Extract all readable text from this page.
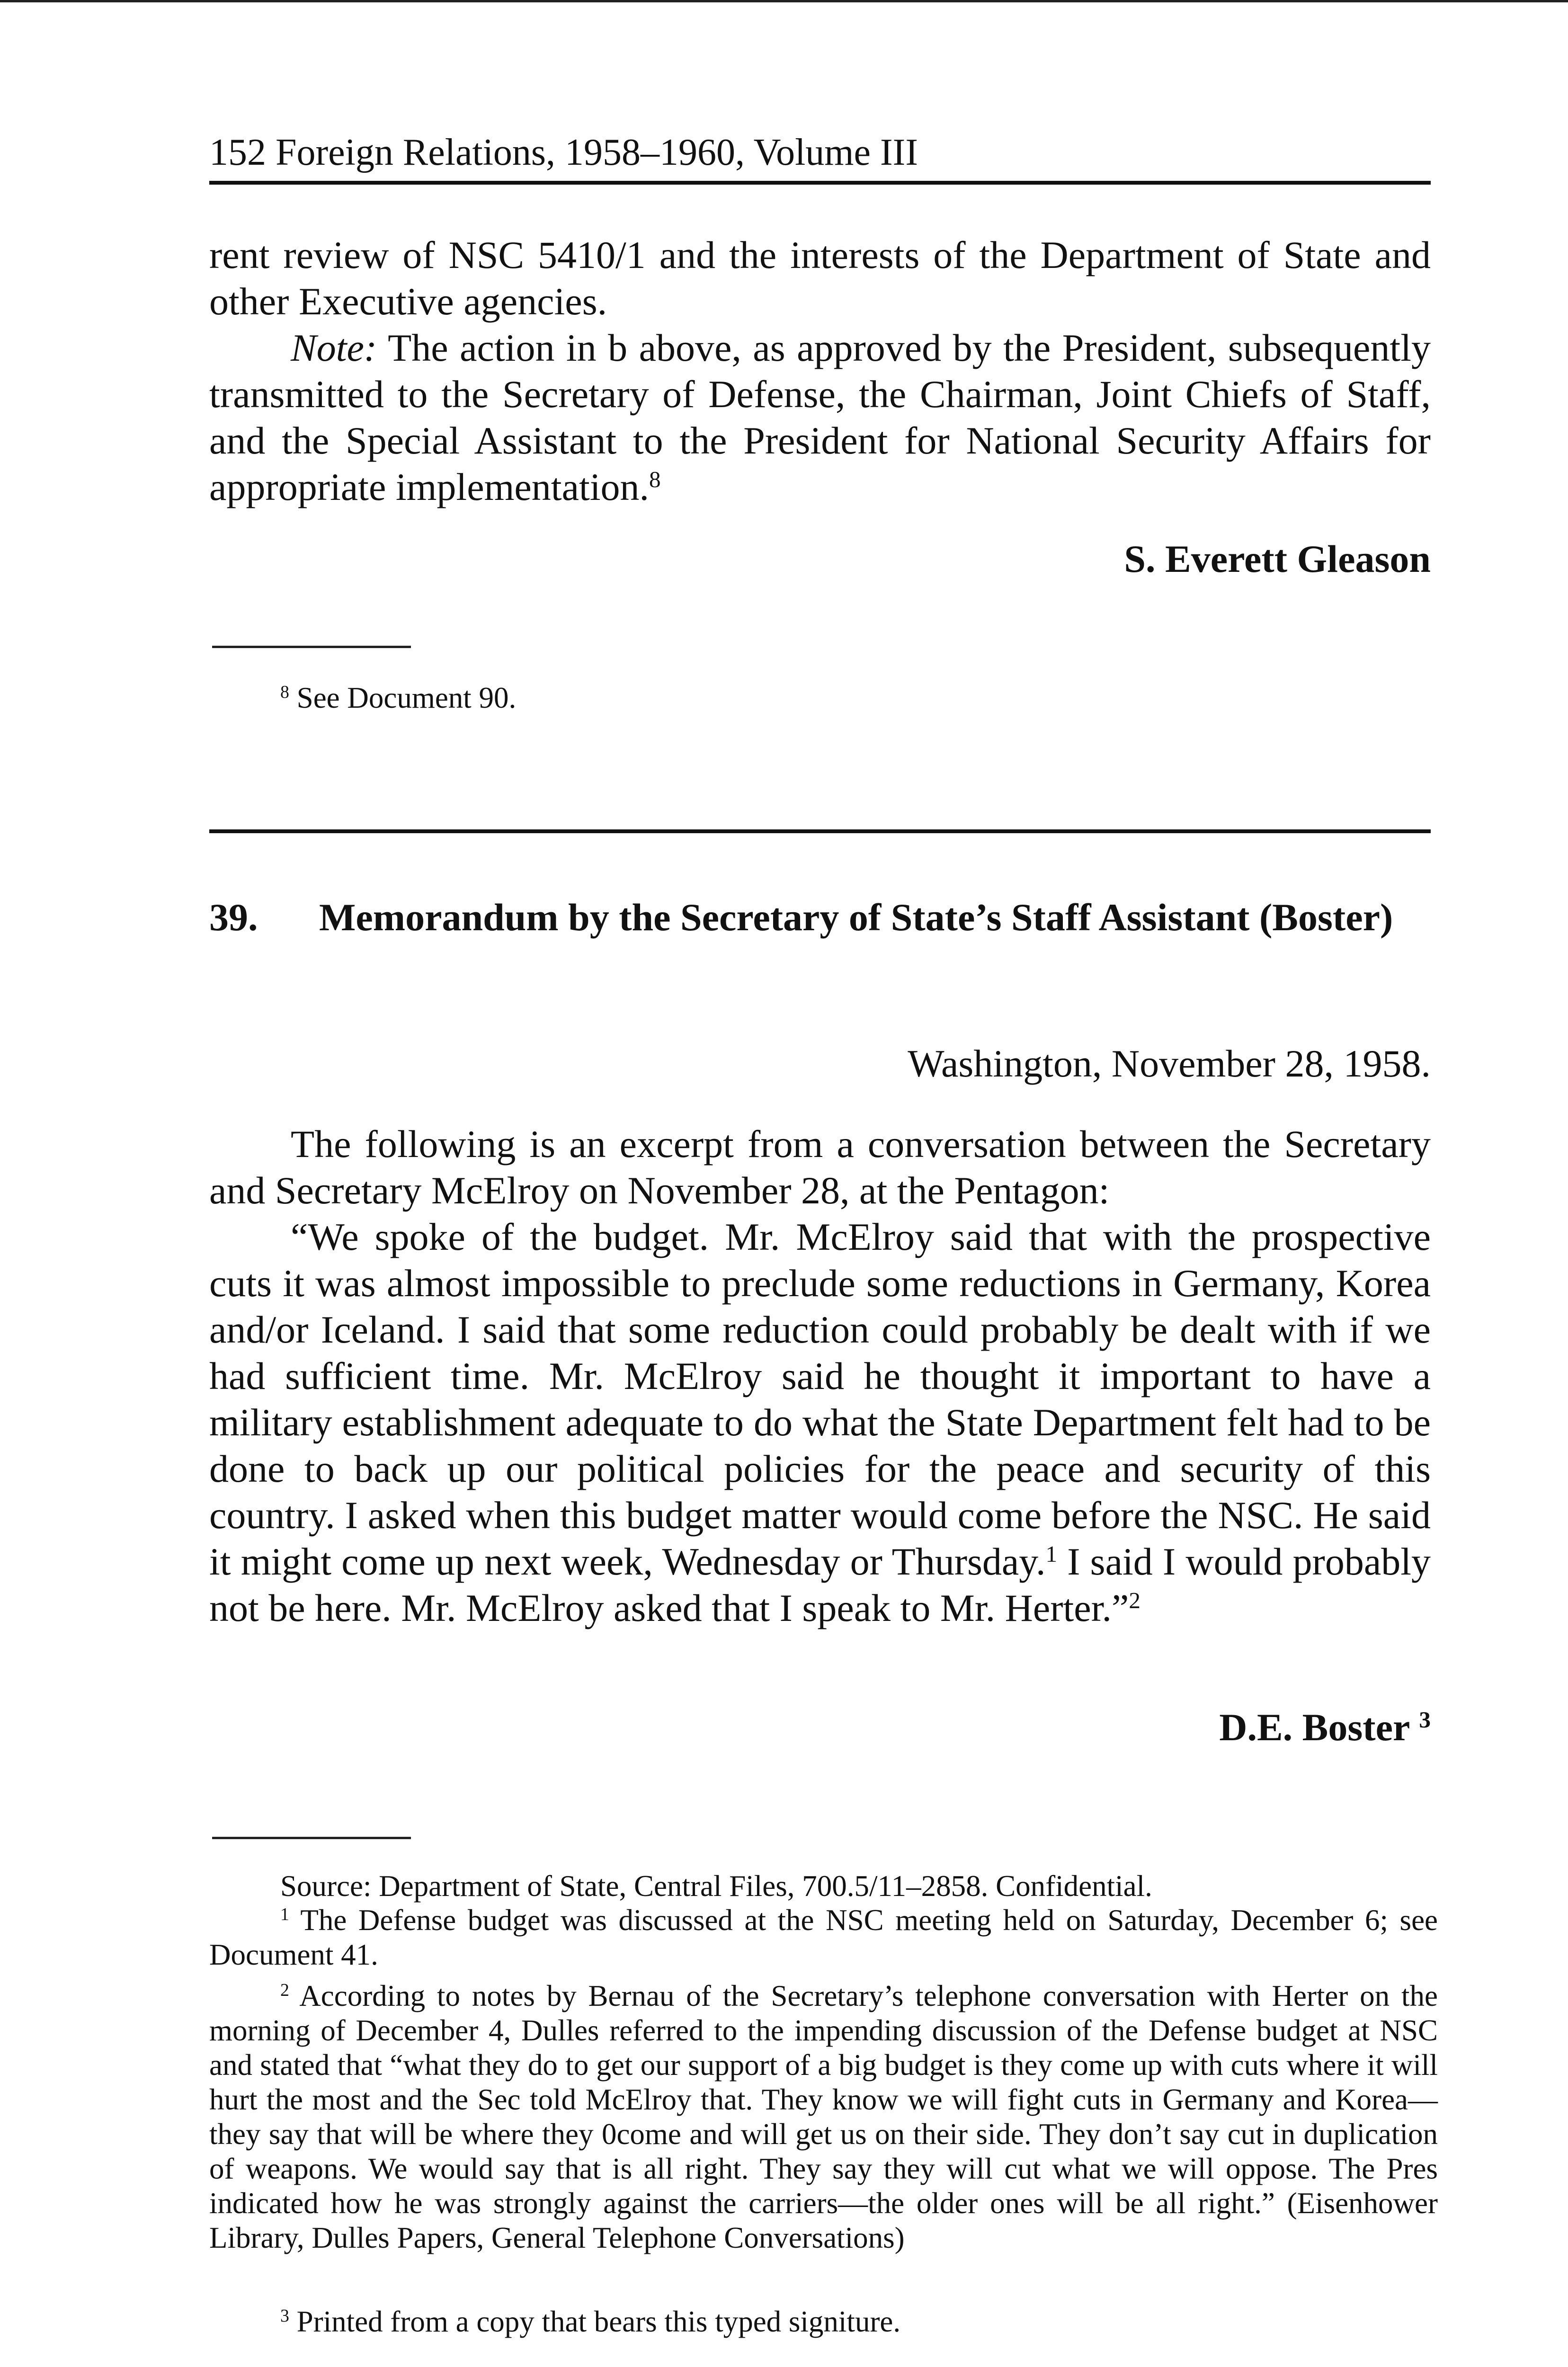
152 Foreign Relations, 1958–1960, Volume III

rent review of NSC 5410/1 and the interests of the Department of State and other Executive agencies.

Note: The action in b above, as approved by the President, subsequently transmitted to the Secretary of Defense, the Chairman, Joint Chiefs of Staff, and the Special Assistant to the President for National Security Affairs for appropriate implementation.$^8$

S. Everett Gleason

$^8$ See Document 90.

39. Memorandum by the Secretary of State’s Staff Assistant (Boster)
Washington, November 28, 1958.

The following is an excerpt from a conversation between the Secretary and Secretary McElroy on November 28, at the Pentagon:

“We spoke of the budget. Mr. McElroy said that with the prospective cuts it was almost impossible to preclude some reductions in Germany, Korea and/or Iceland. I said that some reduction could probably be dealt with if we had sufficient time. Mr. McElroy said he thought it important to have a military establishment adequate to do what the State Department felt had to be done to back up our political policies for the peace and security of this country. I asked when this budget matter would come before the NSC. He said it might come up next week, Wednesday or Thursday.$^1$ I said I would probably not be here. Mr. McElroy asked that I speak to Mr. Herter.”$^2$

D.E. Boster $^3$

Source: Department of State, Central Files, 700.5/11–2858. Confidential.

$^1$ The Defense budget was discussed at the NSC meeting held on Saturday, December 6; see Document 41.

$^2$ According to notes by Bernau of the Secretary’s telephone conversation with Herter on the morning of December 4, Dulles referred to the impending discussion of the Defense budget at NSC and stated that “what they do to get our support of a big budget is they come up with cuts where it will hurt the most and the Sec told McElroy that. They know we will fight cuts in Germany and Korea—they say that will be where they 0come and will get us on their side. They don’t say cut in duplication of weapons. We would say that is all right. They say they will cut what we will oppose. The Pres indicated how he was strongly against the carriers—the older ones will be all right.” (Eisenhower Library, Dulles Papers, General Telephone Conversations)

$^3$ Printed from a copy that bears this typed signiture.
